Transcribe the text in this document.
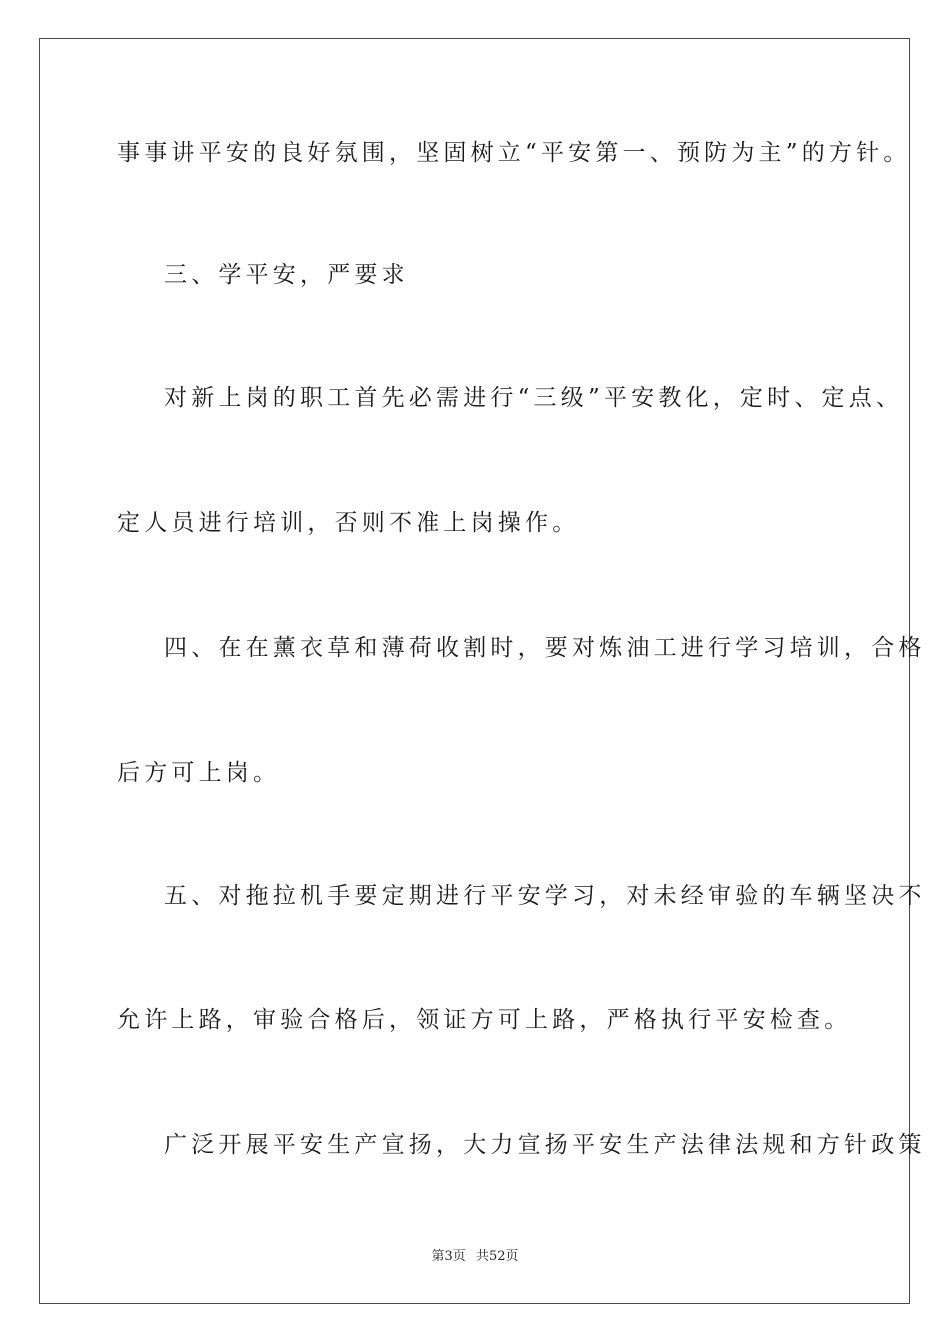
事事讲平安的良好氛围，坚固树立“平安第一、预防为主”的方针。
三、学平安，严要求
对新上岗的职工首先必需进行“三级”平安教化，定时、定点、
定人员进行培训，否则不准上岗操作。
四、在在薰衣草和薄荷收割时，要对炼油工进行学习培训，合格
后方可上岗。
五、对拖拉机手要定期进行平安学习，对未经审验的车辆坚决不
允许上路，审验合格后，领证方可上路，严格执行平安检查。
广泛开展平安生产宣扬，大力宣扬平安生产法律法规和方针政策
第3页 共52页
